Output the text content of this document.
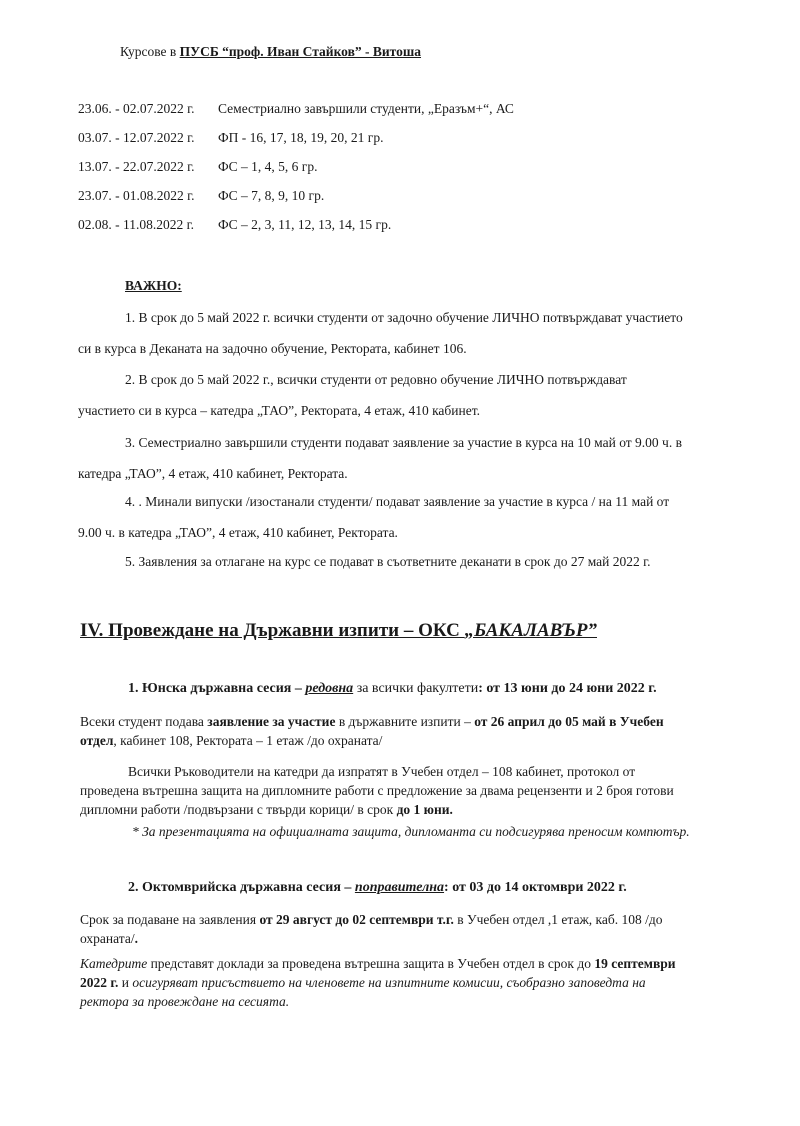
Курсове в ПУСБ “проф. Иван Стайков” - Витоша
23.06. - 02.07.2022 г. Семестриално завършили студенти, „Еразъм+“, АС
03.07. - 12.07.2022 г. ФП - 16, 17, 18, 19, 20, 21 гр.
13.07. - 22.07.2022 г. ФС – 1, 4, 5, 6 гр.
23.07. - 01.08.2022 г. ФС – 7, 8, 9, 10 гр.
02.08. - 11.08.2022 г. ФС – 2, 3, 11, 12, 13, 14, 15 гр.
ВАЖНО:
1. В срок до 5 май 2022 г. всички студенти от задочно обучение ЛИЧНО потвърждават участието
си в курса в Деканата на задочно обучение, Ректората, кабинет 106.
2. В срок до 5 май 2022 г., всички студенти от редовно обучение ЛИЧНО потвърждават
участието си в курса – катедра „ТАО”, Ректората, 4 етаж, 410 кабинет.
3. Семестриално завършили студенти подават заявление за участие в курса на 10 май от 9.00 ч. в
катедра „ТАО”, 4 етаж, 410 кабинет, Ректората.
4. . Минали випуски /изостанали студенти/ подават заявление за участие в курса / на 11 май от
9.00 ч. в катедра „ТАО”, 4 етаж, 410 кабинет, Ректората.
5. Заявления за отлагане на курс се подават в съответните деканати в срок до 27 май 2022 г.
IV. Провеждане на Държавни изпити – ОКС „БАКАЛАВЪР”
1. Юнска държавна сесия – редовна за всички факултети: от 13 юни до 24 юни 2022 г.
Всеки студент подава заявление за участие в държавните изпити – от 26 април до 05 май в Учебен
отдел, кабинет 108, Ректората – 1 етаж /до охраната/
Всички Ръководители на катедри да изпратят в Учебен отдел – 108 кабинет, протокол от
проведена вътрешна защита на дипломните работи с предложение за двама рецензенти и 2 броя готови
дипломни работи /подвързани с твърди корици/ в срок до 1 юни.
* За презентацията на официалната защита, дипломанта си подсигурява преносим компютър.
2. Октомврийска държавна сесия – поправителна: от 03 до 14 октомври 2022 г.
Срок за подаване на заявления от 29 август до 02 септември т.г. в Учебен отдел ,1 етаж, каб. 108 /до
охраната/.
Катедрите представят доклади за проведена вътрешна защита в Учебен отдел в срок до 19 септември
2022 г. и осигуряват присъствието на членовете на изпитните комисии, съобразно заповедта на
ректора за провеждане на сесията.
